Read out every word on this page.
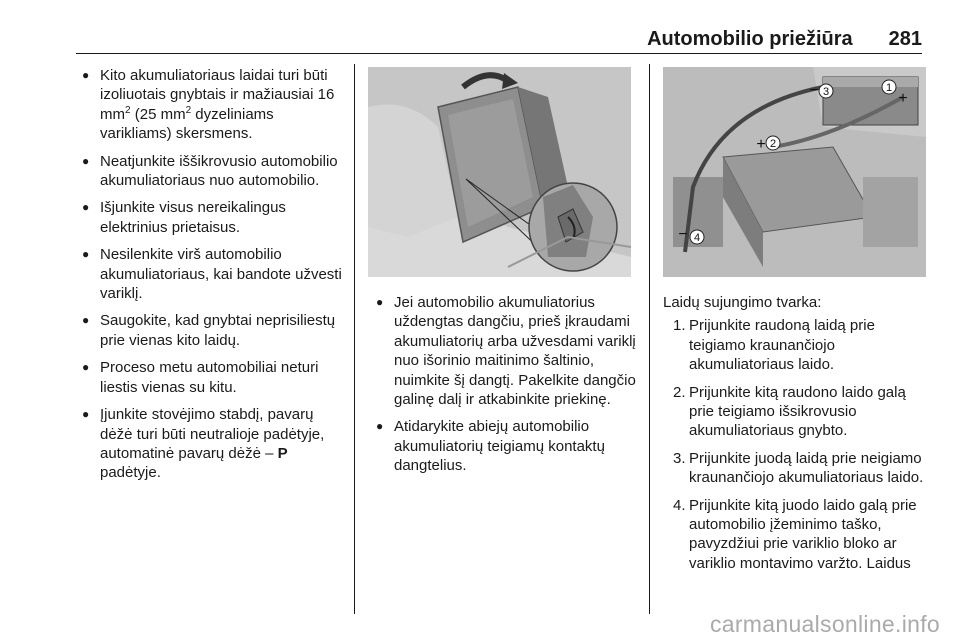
Automobilio priežiūra 281
● Kito akumuliatoriaus laidai turi būti izoliuotais gnybtais ir mažiausiai 16 $mm^2$ (25 $mm^2$ dyzeliniams varikliams) skersmens.
● Neatjunkite iššikrovusio automobilio akumuliatoriaus nuo automobilio.
● Išjunkite visus nereikalingus elektrinius prietaisus.
● Nesilenkite virš automobilio akumuliatoriaus, kai bandote užvesti variklį.
● Saugokite, kad gnybtai neprisiliestų prie vienas kito laidų.
● Proceso metu automobiliai neturi liestis vienas su kitu.
● Įjunkite stovėjimo stabdį, pavarų dėžė turi būti neutralioje padėtyje, automatinė pavarų dėžė – P padėtyje.
● Jei automobilio akumuliatorius uždengtas dangčiu, prieš įkraudami akumuliatorių arba užvesdami variklį nuo išorinio maitinimo šaltinio, nuimkite šį dangtį. Pakelkite dangčio galinę dalį ir atkabinkite priekinę.
● Atidarykite abiejų automobilio akumuliatorių teigiamų kontaktų dangtelius.
3	1
2
4
−	+
+
−
Laidų sujungimo tvarka:
1. Prijunkite raudoną laidą prie teigiamo kraunančiojo akumuliatoriaus laido.
2. Prijunkite kitą raudono laido galą prie teigiamo išsikrovusio akumuliatoriaus gnybto.
3. Prijunkite juodą laidą prie neigiamo kraunančiojo akumuliatoriaus laido.
4. Prijunkite kitą juodo laido galą prie automobilio įžeminimo taško, pavyzdžiui prie variklio bloko ar variklio montavimo varžto. Laidus
carmanualsonline.info
